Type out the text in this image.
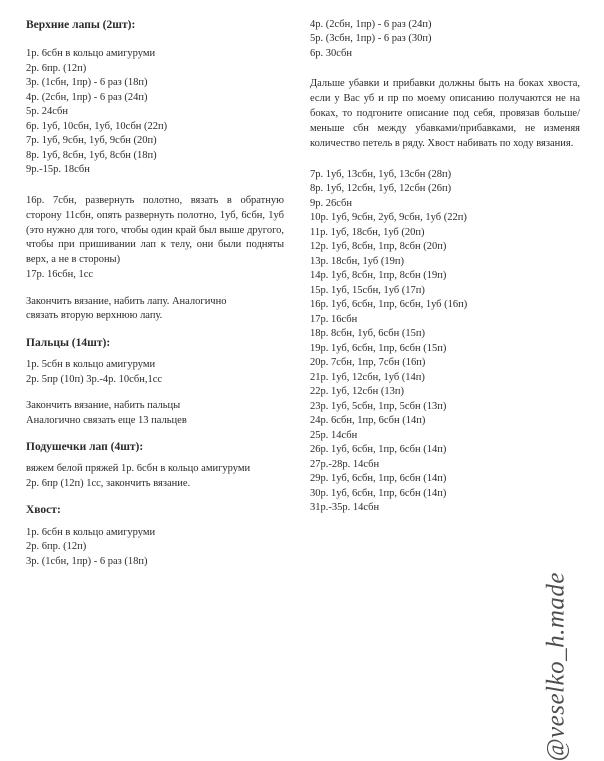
Верхние лапы (2шт):

1р. 6сбн в кольцо амигуруми

2р. 6пр. (12п)

3р. (1сбн, 1пр) - 6 раз (18п)

4р. (2сбн, 1пр) - 6 раз (24п)

5р. 24сбн

6р. 1уб, 10сбн, 1уб, 10сбн (22п)

7р. 1уб, 9сбн, 1уб, 9сбн (20п)

8р. 1уб, 8сбн, 1уб, 8сбн (18п)

9р.-15р. 18сбн

16р. 7сбн, развернуть полотно, вязать в обратную сторону 11сбн, опять развернуть полотно, 1уб, 6сбн, 1уб (это нужно для того, чтобы один край был выше другого, чтобы при пришивании лап к телу, они были подняты верх, а не в стороны)

17р. 16сбн, 1сс

Закончить вязание, набить лапу. Аналогично

связать вторую верхнюю лапу.

Пальцы (14шт):

1р. 5сбн в кольцо амигуруми

2р. 5пр (10п) 3р.-4р. 10сбн,1сс

Закончить вязание, набить пальцы

Аналогично связать еще 13 пальцев

Подушечки лап (4шт):

вяжем белой пряжей 1р. 6сбн в кольцо амигуруми

2р. 6пр (12п) 1сс, закончить вязание.

Хвост:

1р. 6сбн в кольцо амигуруми

2р. 6пр. (12п)

3р. (1сбн, 1пр) - 6 раз (18п)

4р. (2сбн, 1пр) - 6 раз (24п)

5р. (3сбн, 1пр) - 6 раз (30п)

6р. 30сбн

Дальше убавки и прибавки должны быть на боках хвоста, если у Вас уб и пр по моему описанию получаются не на боках, то подгоните описание под себя, провязав больше/меньше сбн между убавками/прибавками, не изменяя количество петель в ряду. Хвост набивать по ходу вязания.

7р. 1уб, 13сбн, 1уб, 13сбн (28п)

8р. 1уб, 12сбн, 1уб, 12сбн (26п)

9р. 26сбн

10р. 1уб, 9сбн, 2уб, 9сбн, 1уб (22п)

11р. 1уб, 18сбн, 1уб (20п)

12р. 1уб, 8сбн, 1пр, 8сбн (20п)

13р. 18сбн, 1уб (19п)

14р. 1уб, 8сбн, 1пр, 8сбн (19п)

15р. 1уб, 15сбн, 1уб (17п)

16р. 1уб, 6сбн, 1пр, 6сбн, 1уб (16п)

17р. 16сбн

18р. 8сбн, 1уб, 6сбн (15п)

19р. 1уб, 6сбн, 1пр, 6сбн (15п)

20р. 7сбн, 1пр, 7сбн (16п)

21р. 1уб, 12сбн, 1уб (14п)

22р. 1уб, 12сбн (13п)

23р. 1уб, 5сбн, 1пр, 5сбн (13п)

24р. 6сбн, 1пр, 6сбн (14п)

25р. 14сбн

26р. 1уб, 6сбн, 1пр, 6сбн (14п)

27р.-28р. 14сбн

29р. 1уб, 6сбн, 1пр, 6сбн (14п)

30р. 1уб, 6сбн, 1пр, 6сбн (14п)

31р.-35р. 14сбн

@veselko_h.made
